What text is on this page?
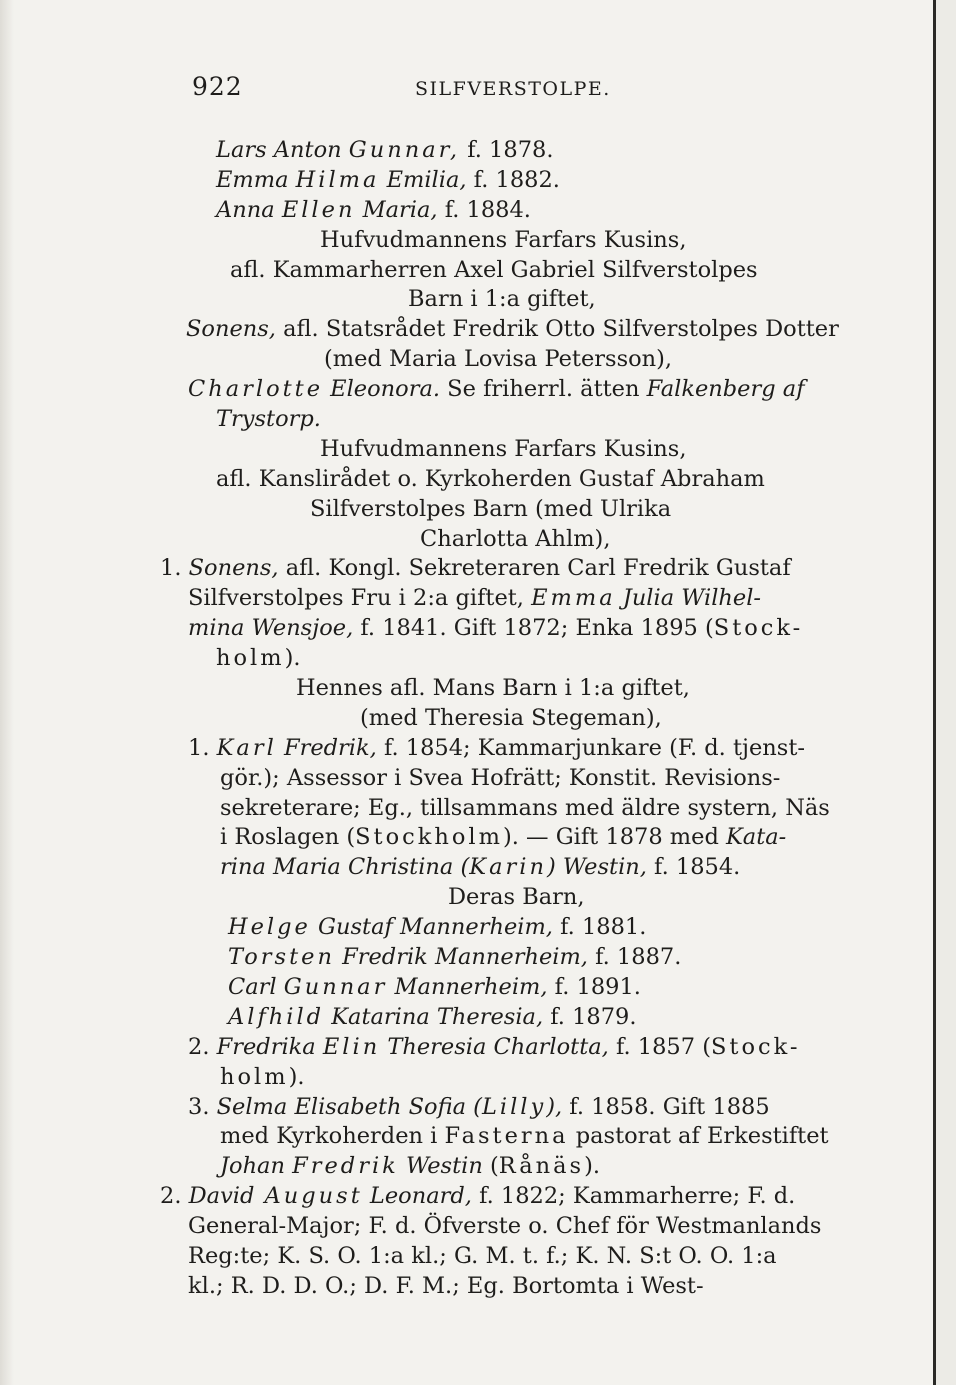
922	SILFVERSTOLPE.
Lars Anton Gunnar, f. 1878.
Emma Hilma Emilia, f. 1882.
Anna Ellen Maria, f. 1884.
Hufvudmannens Farfars Kusins,
afl. Kammarherren Axel Gabriel Silfverstolpes
Barn i 1:a giftet,
Sonens, afl. Statsrådet Fredrik Otto Silfverstolpes Dotter
(med Maria Lovisa Petersson),
Charlotte Eleonora. Se friherrl. ätten Falkenberg af
Trystorp.
Hufvudmannens Farfars Kusins,
afl. Kanslirådet o. Kyrkoherden Gustaf Abraham
Silfverstolpes Barn (med Ulrika
Charlotta Ahlm),
1. Sonens, afl. Kongl. Sekreteraren Carl Fredrik Gustaf
Silfverstolpes Fru i 2:a giftet, Emma Julia Wilhel-
mina Wensjoe, f. 1841. Gift 1872; Enka 1895 (Stock-
holm).
Hennes afl. Mans Barn i 1:a giftet,
(med Theresia Stegeman),
1. Karl Fredrik, f. 1854; Kammarjunkare (F. d. tjenst-
gör.); Assessor i Svea Hofrätt; Konstit. Revisions-
sekreterare; Eg., tillsammans med äldre systern, Näs
i Roslagen (Stockholm). — Gift 1878 med Kata-
rina Maria Christina (Karin) Westin, f. 1854.
Deras Barn,
Helge Gustaf Mannerheim, f. 1881.
Torsten Fredrik Mannerheim, f. 1887.
Carl Gunnar Mannerheim, f. 1891.
Alfhild Katarina Theresia, f. 1879.
2. Fredrika Elin Theresia Charlotta, f. 1857 (Stock-
holm).
3. Selma Elisabeth Sofia (Lilly), f. 1858. Gift 1885
med Kyrkoherden i Fasterna pastorat af Erkestiftet
Johan Fredrik Westin (Rånäs).
2. David August Leonard, f. 1822; Kammarherre; F. d.
General-Major; F. d. Öfverste o. Chef för Westmanlands
Reg:te; K. S. O. 1:a kl.; G. M. t. f.; K. N. S:t O. O. 1:a
kl.; R. D. D. O.; D. F. M.; Eg. Bortomta i West-
